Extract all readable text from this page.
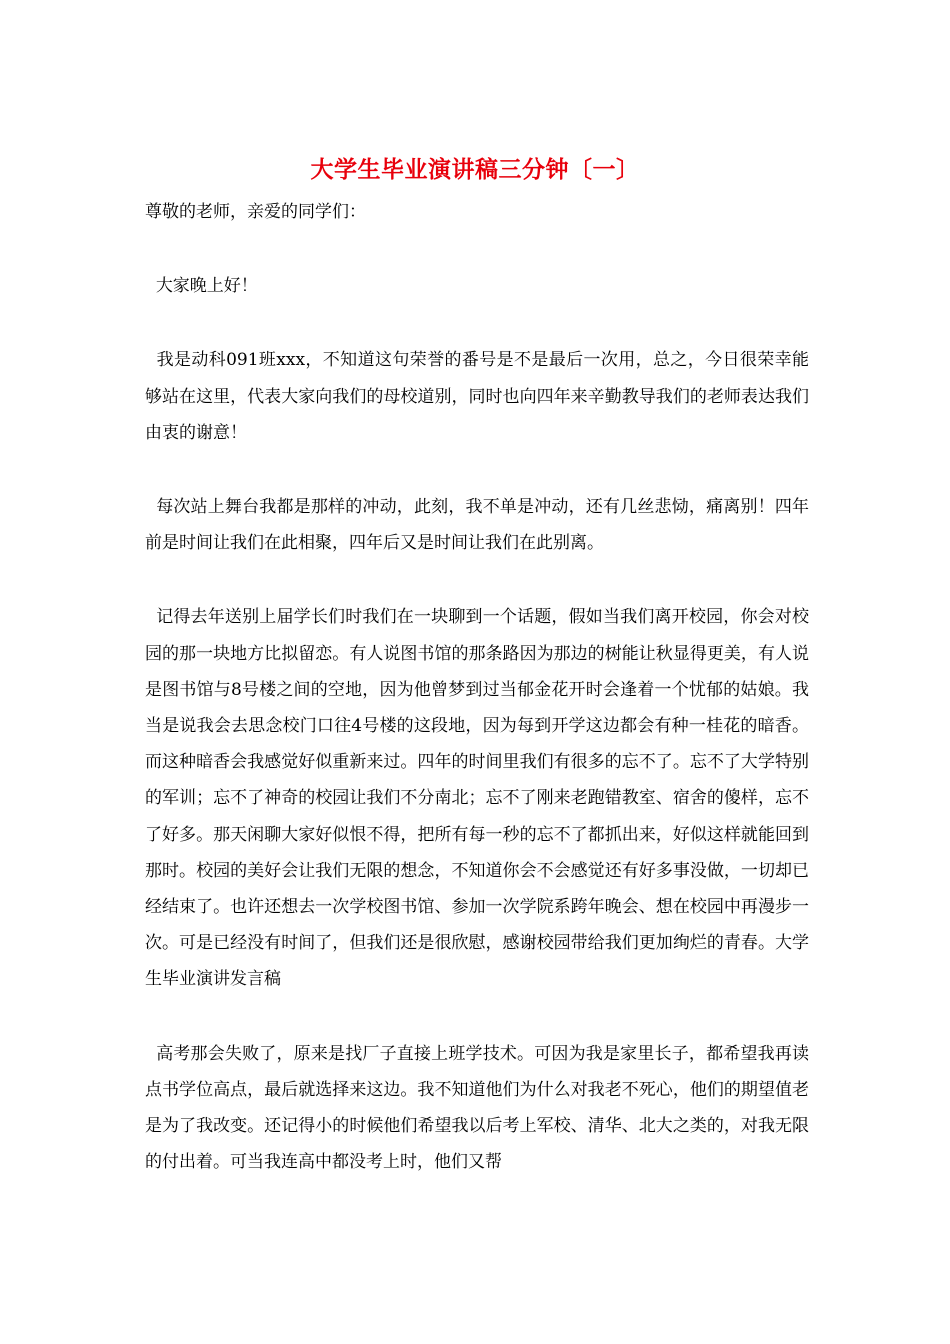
大学生毕业演讲稿三分钟〔一〕

尊敬的老师，亲爱的同学们：

大家晚上好！

我是动科091班xxx，不知道这句荣誉的番号是不是最后一次用，总之，今日很荣幸能够站在这里，代表大家向我们的母校道别，同时也向四年来辛勤教导我们的老师表达我们由衷的谢意！

每次站上舞台我都是那样的冲动，此刻，我不单是冲动，还有几丝悲恸，痛离别！四年前是时间让我们在此相聚，四年后又是时间让我们在此别离。

记得去年送别上届学长们时我们在一块聊到一个话题，假如当我们离开校园，你会对校园的那一块地方比拟留恋。有人说图书馆的那条路因为那边的树能让秋显得更美，有人说是图书馆与8号楼之间的空地，因为他曾梦到过当郁金花开时会逢着一个忧郁的姑娘。我当是说我会去思念校门口往4号楼的这段地，因为每到开学这边都会有种一桂花的暗香。而这种暗香会我感觉好似重新来过。四年的时间里我们有很多的忘不了。忘不了大学特别的军训；忘不了神奇的校园让我们不分南北；忘不了刚来老跑错教室、宿舍的傻样，忘不了好多。那天闲聊大家好似恨不得，把所有每一秒的忘不了都抓出来，好似这样就能回到那时。校园的美好会让我们无限的想念，不知道你会不会感觉还有好多事没做，一切却已经结束了。也许还想去一次学校图书馆、参加一次学院系跨年晚会、想在校园中再漫步一次。可是已经没有时间了，但我们还是很欣慰，感谢校园带给我们更加绚烂的青春。大学生毕业演讲发言稿

高考那会失败了，原来是找厂子直接上班学技术。可因为我是家里长子，都希望我再读点书学位高点，最后就选择来这边。我不知道他们为什么对我老不死心，他们的期望值老是为了我改变。还记得小的时候他们希望我以后考上军校、清华、北大之类的，对我无限的付出着。可当我连高中都没考上时，他们又帮
